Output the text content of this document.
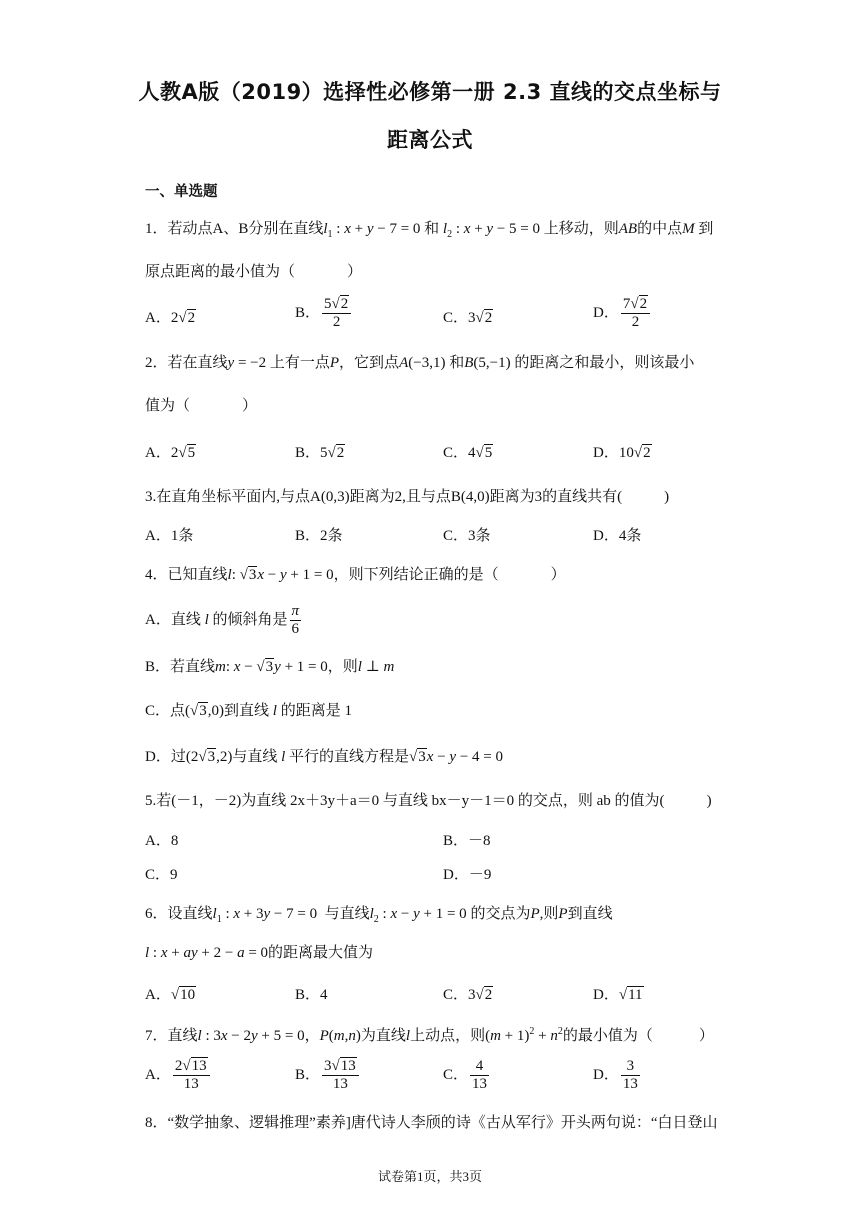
人教A版（2019）选择性必修第一册 2.3 直线的交点坐标与
距离公式
一、单选题
1．若动点A、B分别在直线$l_1$ : x + y − 7 = 0 和 $l_2$ : x + y − 5 = 0 上移动，则AB的中点M 到
原点距离的最小值为（	）
A．2√2	B． $\frac{5√2}{2}$	C．3√2	D． $\frac{7√2}{2}$
2．若在直线y = −2 上有一点P，它到点A(−3,1) 和B(5,−1) 的距离之和最小，则该最小
值为（	）
A．2√5	B．5√2	C．4√5	D．10√2
3.在直角坐标平面内,与点A(0,3)距离为2,且与点B(4,0)距离为3的直线共有(	)
A．1条	B．2条	C．3条	D．4条
4．已知直线l: √3x − y + 1 = 0，则下列结论正确的是（	）
A．直线 l 的倾斜角是 $\frac{\pi}{6}$
B．若直线m: x − √3y + 1 = 0，则l ⊥ m
C．点(√3,0)到直线 l 的距离是 1
D．过(2√3,2)与直线 l 平行的直线方程是√3x − y − 4 = 0
5.若(－1，－2)为直线 2x＋3y＋a＝0 与直线 bx－y－1＝0 的交点，则 ab 的值为(	)
A．8	B．－8
C．9	D．－9
6．设直线$l_1$ : x + 3y − 7 = 0  与直线$l_2$ : x − y + 1 = 0 的交点为P,则P到直线
l : x + ay + 2 − a = 0的距离最大值为
A．√10	B．4	C．3√2	D．√11
7．直线l : 3x − 2y + 5 = 0，P(m,n)为直线l上动点，则$(m + 1)^2 + n^2$的最小值为（	）
A． $\frac{2√13}{13}$	B． $\frac{3√13}{13}$	C． $\frac{4}{13}$	D． $\frac{3}{13}$
8．“数学抽象、逻辑推理”素养]唐代诗人李颀的诗《古从军行》开头两句说：“白日登山
试卷第1页，共3页
